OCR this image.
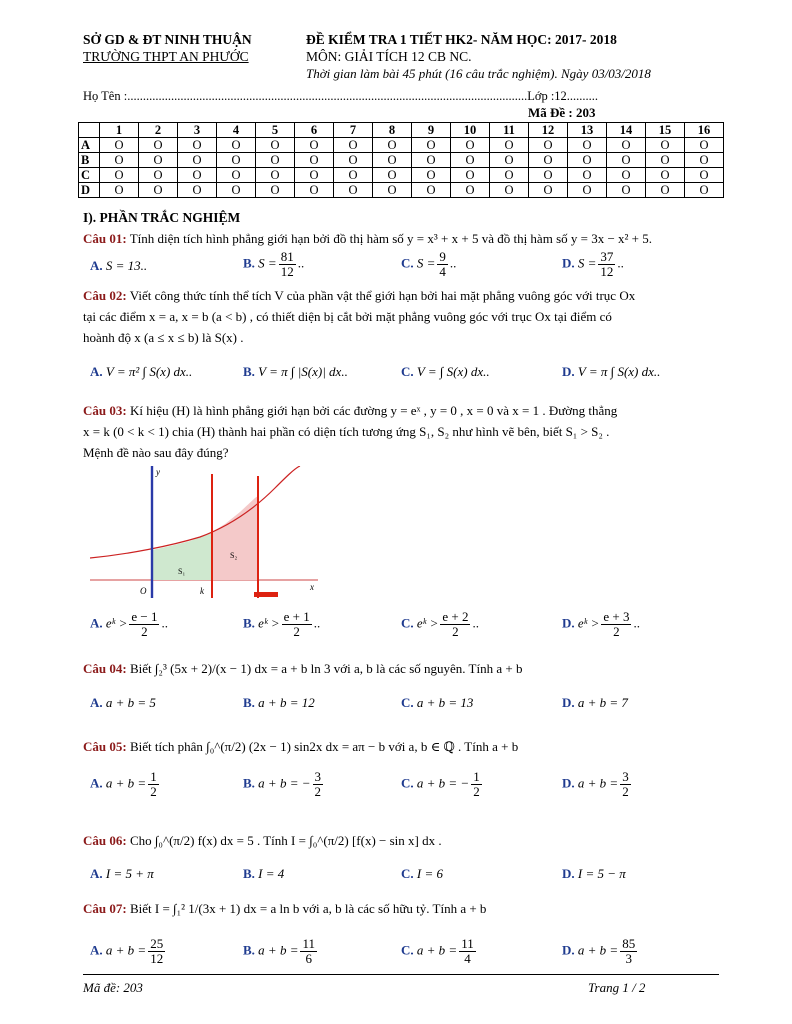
SỞ GD & ĐT NINH THUẬN
TRƯỜNG THPT AN PHƯỚC
ĐỀ KIỂM TRA 1 TIẾT HK2- NĂM HỌC: 2017- 2018
MÔN: GIẢI TÍCH 12 CB NC.
Thời gian làm bài 45 phút (16 câu trắc nghiệm). Ngày 03/03/2018
Họ Tên :................................................................................................................................Lớp :12..........
Mã Đề : 203
	1	2	3	4	5	6	7	8	9	10	11	12	13	14	15	16
A	O	O	O	O	O	O	O	O	O	O	O	O	O	O	O	O
B	O	O	O	O	O	O	O	O	O	O	O	O	O	O	O	O
C	O	O	O	O	O	O	O	O	O	O	O	O	O	O	O	O
D	O	O	O	O	O	O	O	O	O	O	O	O	O	O	O	O
I). PHẦN TRẮC NGHIỆM
Câu 01: Tính diện tích hình phẳng giới hạn bởi đồ thị hàm số y = x³ + x + 5 và đồ thị hàm số y = 3x − x² + 5.
A. S = 13..	B. $S = \frac{81}{12}$ ..	C. $S = \frac{9}{4}$ ..	D. $S = \frac{37}{12}$ ..
Câu 02: Viết công thức tính thể tích V của phần vật thể giới hạn bởi hai mặt phẳng vuông góc với trục Ox
tại các điểm x = a, x = b (a < b) , có thiết diện bị cắt bởi mặt phẳng vuông góc với trục Ox tại điểm có
hoành độ x (a ≤ x ≤ b) là S(x) .
A. V = π² ∫ S(x) dx..	B. V = π ∫ |S(x)| dx..	C. V = ∫ S(x) dx..	D. V = π ∫ S(x) dx..
Câu 03: Kí hiệu (H) là hình phẳng giới hạn bởi các đường y = eˣ , y = 0 , x = 0 và x = 1 . Đường thẳng
x = k (0 < k < 1) chia (H) thành hai phần có diện tích tương ứng S₁, S₂ như hình vẽ bên, biết S₁ > S₂ .
Mệnh đề nào sau đây đúng?
S₁
S₂
O	k	x
y
A. eᵏ > $\frac{e - 1}{2}$ ..	B. eᵏ > $\frac{e + 1}{2}$ ..	C. eᵏ > $\frac{e + 2}{2}$ ..	D. eᵏ > $\frac{e + 3}{2}$ ..
Câu 04: Biết ∫₂³ (5x + 2)/(x − 1) dx = a + b ln 3 với a, b là các số nguyên. Tính a + b
A. a + b = 5	B. a + b = 12	C. a + b = 13	D. a + b = 7
Câu 05: Biết tích phân ∫₀^(π/2) (2x − 1) sin2x dx = aπ − b với a, b ∈ ℚ . Tính a + b
A. $a + b = \frac{1}{2}$	B. a + b = − $\frac{3}{2}$	C. a + b = − $\frac{1}{2}$	D. $a + b = \frac{3}{2}$
Câu 06: Cho ∫₀^(π/2) f(x) dx = 5 . Tính I = ∫₀^(π/2) [f(x) − sin x] dx .
A. I = 5 + π	B. I = 4	C. I = 6	D. I = 5 − π
Câu 07: Biết I = ∫₁² 1/(3x + 1) dx = a ln b với a, b là các số hữu tỷ. Tính a + b
A. $a + b = \frac{25}{12}$	B. $a + b = \frac{11}{6}$	C. $a + b = \frac{11}{4}$	D. $a + b = \frac{85}{3}$
Mã đề: 203	Trang 1 / 2
